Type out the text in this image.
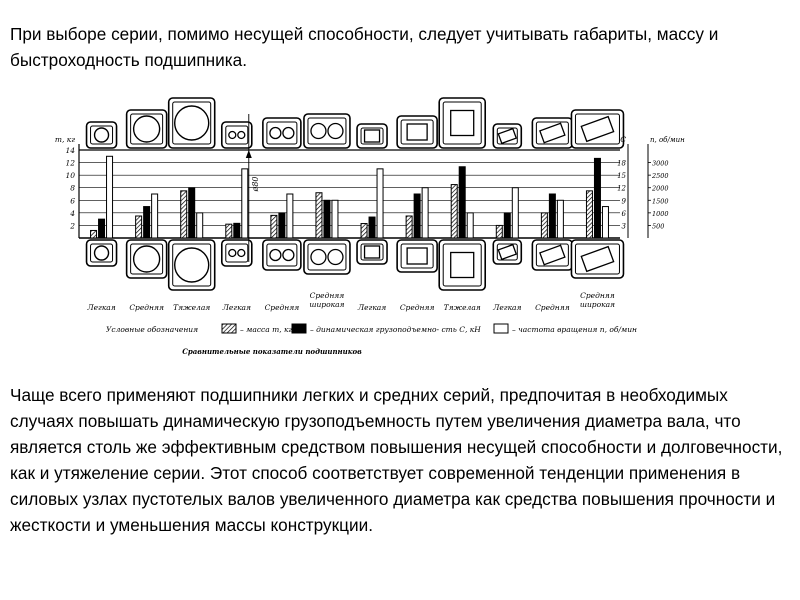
При выборе серии, помимо несущей способности, следует учитывать габариты, массу и быстроходность подшипника.

2
4
6
8
10
12
14
m, кг
3
6
9
12
15
18
С
500
1000
1500
2000
2500
3000
n, об/мин
ø80
Легкая Средняя Тяжелая Легкая Средняя
Средняя
широкая Легкая Средняя Тяжелая Легкая Средняя
Средняя
широкая
Условные обозначения	– масса m, кг – динамическая грузоподъемно- сть С, кН	– частота вращения n, об/мин
Сравнительные показатели подшипников

Чаще всего применяют подшипники легких и средних серий, предпочитая в необходимых случаях повышать динамическую грузоподъемность путем увеличения диаметра вала, что является столь же эффективным средством повышения несущей способности и долговечности, как и утяжеление серии. Этот способ соответствует современной тенденции применения в силовых узлах пустотелых валов увеличенного диаметра как средства повышения прочности и жесткости и уменьшения массы конструкции.
